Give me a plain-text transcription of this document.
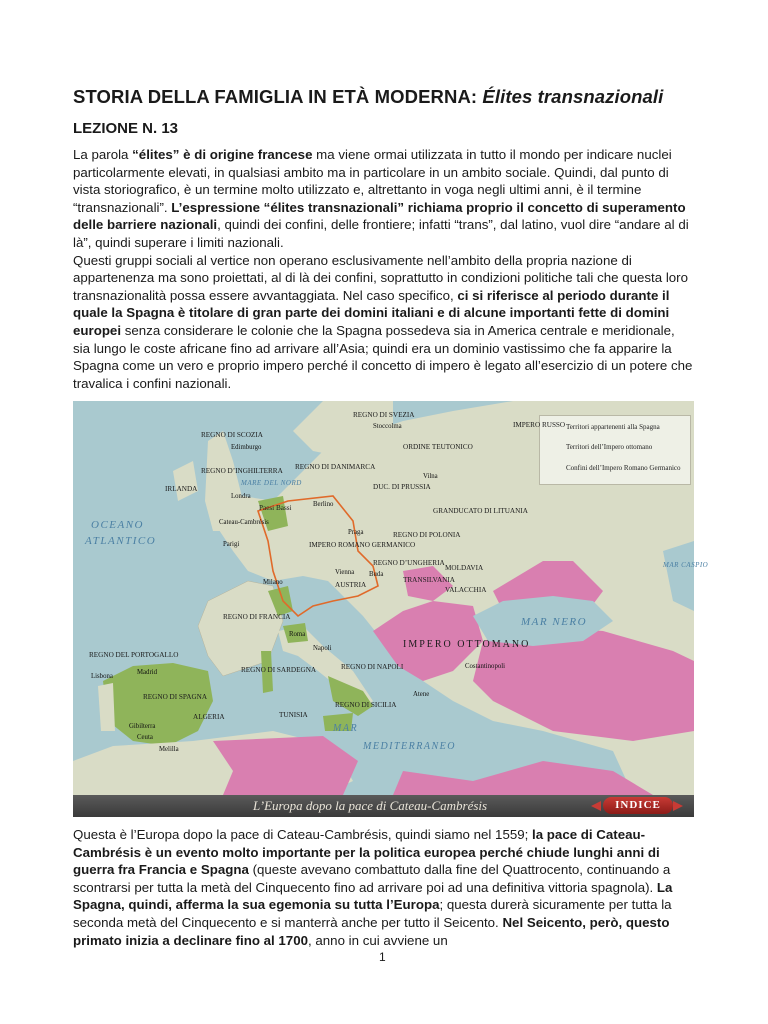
STORIA DELLA FAMIGLIA IN ETÀ MODERNA: Élites transnazionali
LEZIONE N. 13

La parola “élites” è di origine francese ma viene ormai utilizzata in tutto il mondo per indicare nuclei particolarmente elevati, in qualsiasi ambito ma in particolare in un ambito sociale. Quindi, dal punto di vista storiografico, è un termine molto utilizzato e, altrettanto in voga negli ultimi anni, è il termine “transnazionali”. L’espressione “élites transnazionali” richiama proprio il concetto di superamento delle barriere nazionali, quindi dei confini, delle frontiere; infatti “trans”, dal latino, vuol dire “andare al di là”, quindi superare i limiti nazionali.

Questi gruppi sociali al vertice non operano esclusivamente nell’ambito della propria nazione di appartenenza ma sono proiettati, al di là dei confini, soprattutto in condizioni politiche tali che questa loro transnazionalità possa essere avvantaggiata. Nel caso specifico, ci si riferisce al periodo durante il quale la Spagna è titolare di gran parte dei domini italiani e di alcune importanti fette di domini europei senza considerare le colonie che la Spagna possedeva sia in America centrale e meridionale, sia lungo le coste africane fino ad arrivare all’Asia; quindi era un dominio vastissimo che fa apparire la Spagna come un vero e proprio impero perché il concetto di impero è legato all’esercizio di un potere che travalica i confini nazionali.

Territori appartenenti alla Spagna
Territori dell’Impero ottomano
Confini dell’Impero Romano Germanico
OCEANO
ATLANTICO
MARE DEL NORD
MAR NERO
MAR CASPIO
MAR
MEDITERRANEO
REGNO DI SCOZIA
REGNO D’INGHILTERRA
IRLANDA
REGNO DI DANIMARCA
REGNO DI SVEZIA
ORDINE TEUTONICO
IMPERO RUSSO
DUC. DI PRUSSIA
GRANDUCATO DI LITUANIA
REGNO DI POLONIA
IMPERO ROMANO GERMANICO
REGNO DI FRANCIA
AUSTRIA
REGNO D’UNGHERIA
TRANSILVANIA
MOLDAVIA
VALACCHIA
REGNO DEL PORTOGALLO
REGNO DI SPAGNA
REGNO DI SARDEGNA	REGNO DI NAPOLI
REGNO DI SICILIA
ALGERIA	TUNISIA
IMPERO OTTOMANO
Paesi Bassi
Edimburgo
Londra
Cateau-Cambrésis
Parigi
Stoccolma
Vilna
Berlino
Praga
Vienna Buda
Milano
Roma
Napoli
Madrid
Lisbona
Gibilterra
Ceuta
Melilla
Costantinopoli
Atene
L’Europa dopo la pace di Cateau-Cambrésis	INDICE

Questa è l’Europa dopo la pace di Cateau-Cambrésis, quindi siamo nel 1559; la pace di Cateau-Cambrésis è un evento molto importante per la politica europea perché chiude lunghi anni di guerra fra Francia e Spagna (queste avevano combattuto dalla fine del Quattrocento, continuando a scontrarsi per tutta la metà del Cinquecento fino ad arrivare poi ad una definitiva vittoria spagnola). La Spagna, quindi, afferma la sua egemonia su tutta l’Europa; questa durerà sicuramente per tutta la seconda metà del Cinquecento e si manterrà anche per tutto il Seicento. Nel Seicento, però, questo primato inizia a declinare fino al 1700, anno in cui avviene un

1
